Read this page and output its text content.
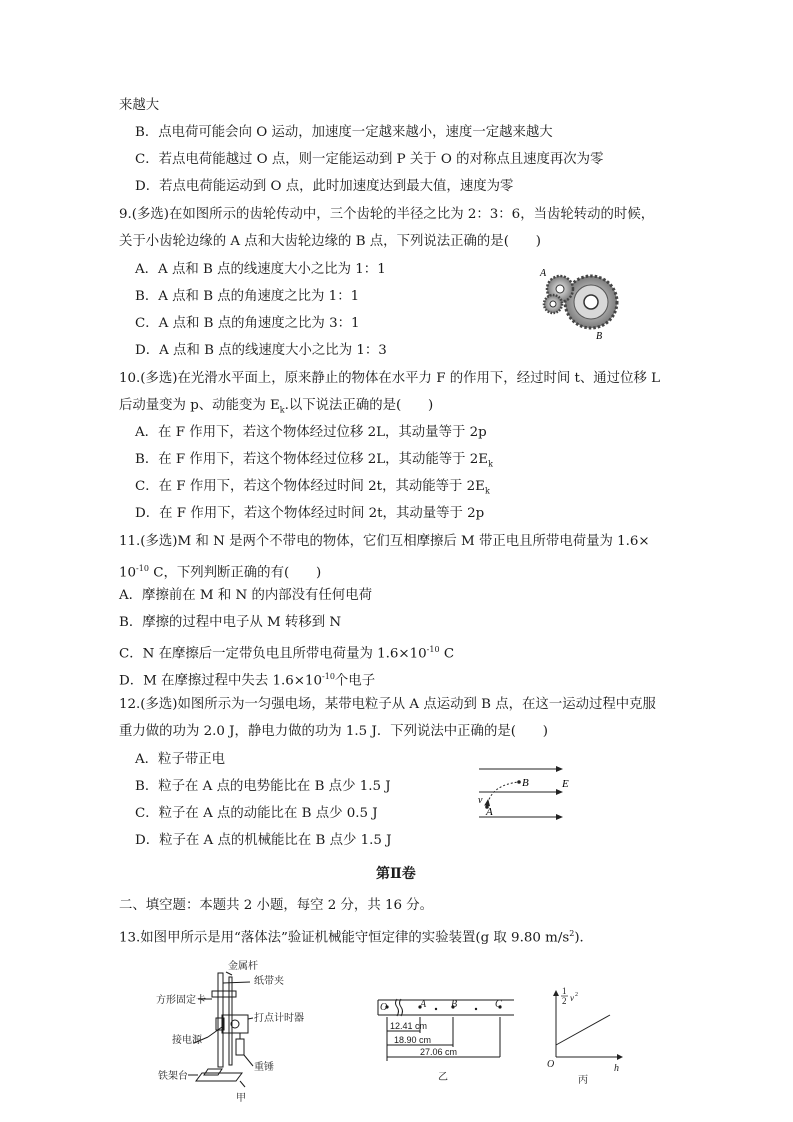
来越大
B．点电荷可能会向 O 运动，加速度一定越来越小，速度一定越来越大
C．若点电荷能越过 O 点，则一定能运动到 P 关于 O 的对称点且速度再次为零
D．若点电荷能运动到 O 点，此时加速度达到最大值，速度为零
9.(多选)在如图所示的齿轮传动中，三个齿轮的半径之比为 2：3：6，当齿轮转动的时候，
关于小齿轮边缘的 A 点和大齿轮边缘的 B 点，下列说法正确的是(　　)
A．A 点和 B 点的线速度大小之比为 1：1
B．A 点和 B 点的角速度之比为 1：1
C．A 点和 B 点的角速度之比为 3：1
D．A 点和 B 点的线速度大小之比为 1：3
A
B
10.(多选)在光滑水平面上，原来静止的物体在水平力 F 的作用下，经过时间 t、通过位移 L
后动量变为 p、动能变为 $E_k$.以下说法正确的是(　　)
A．在 F 作用下，若这个物体经过位移 2L，其动量等于 2p
B．在 F 作用下，若这个物体经过位移 2L，其动能等于 $2E_k$
C．在 F 作用下，若这个物体经过时间 2t，其动能等于 $2E_k$
D．在 F 作用下，若这个物体经过时间 2t，其动量等于 2p
11.(多选)M 和 N 是两个不带电的物体，它们互相摩擦后 M 带正电且所带电荷量为 1.6×
$10^{-10}$ C，下列判断正确的有(　　)
A．摩擦前在 M 和 N 的内部没有任何电荷
B．摩擦的过程中电子从 M 转移到 N
C．N 在摩擦后一定带负电且所带电荷量为 $1.6\times 10^{-10}$ C
D．M 在摩擦过程中失去 $1.6\times 10^{-10}$个电子
12.(多选)如图所示为一匀强电场，某带电粒子从 A 点运动到 B 点，在这一运动过程中克服
重力做的功为 2.0 J，静电力做的功为 1.5 J．下列说法中正确的是(　　)
A．粒子带正电
B．粒子在 A 点的电势能比在 B 点少 1.5 J
C．粒子在 A 点的动能比在 B 点少 0.5 J
D．粒子在 A 点的机械能比在 B 点少 1.5 J
B	E
v
A
第Ⅱ卷
二、填空题：本题共 2 小题，每空 2 分，共 16 分。
13.如图甲所示是用“落体法”验证机械能守恒定律的实验装置(g 取 9.80 $m/s^2$)．
金属杆
纸带夹
方形固定卡
打点计时器
接电源
重锤
铁架台
甲
O	A B	C
12.41 cm
18.90 cm
27.06 cm
乙
1
2 v 2
O	h
丙
